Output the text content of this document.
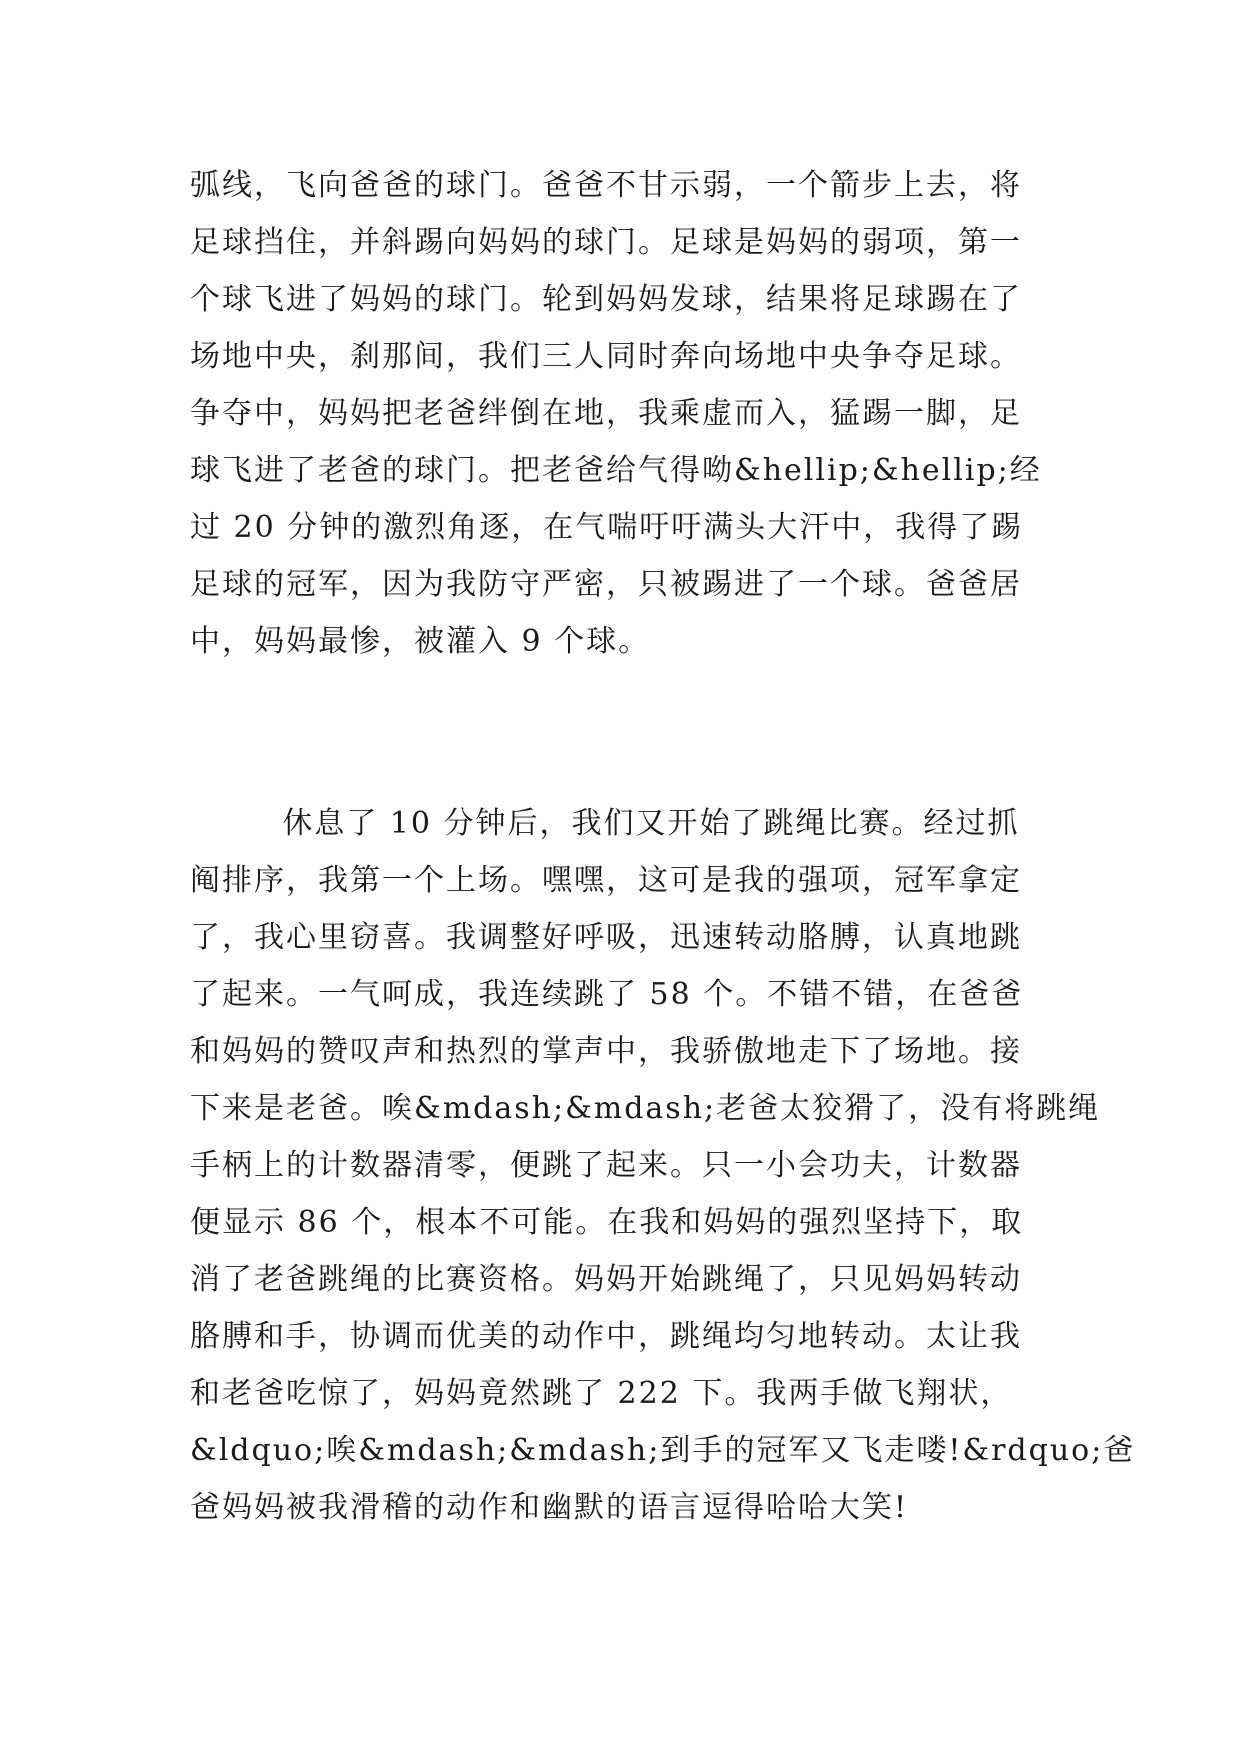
弧线，飞向爸爸的球门。爸爸不甘示弱，一个箭步上去，将
足球挡住，并斜踢向妈妈的球门。足球是妈妈的弱项，第一
个球飞进了妈妈的球门。轮到妈妈发球，结果将足球踢在了
场地中央，刹那间，我们三人同时奔向场地中央争夺足球。
争夺中，妈妈把老爸绊倒在地，我乘虚而入，猛踢一脚，足
球飞进了老爸的球门。把老爸给气得呦&hellip;&hellip;经
过 20 分钟的激烈角逐，在气喘吁吁满头大汗中，我得了踢
足球的冠军，因为我防守严密，只被踢进了一个球。爸爸居
中，妈妈最惨，被灌入 9 个球。
休息了 10 分钟后，我们又开始了跳绳比赛。经过抓
阄排序，我第一个上场。嘿嘿，这可是我的强项，冠军拿定
了，我心里窃喜。我调整好呼吸，迅速转动胳膊，认真地跳
了起来。一气呵成，我连续跳了 58 个。不错不错，在爸爸
和妈妈的赞叹声和热烈的掌声中，我骄傲地走下了场地。接
下来是老爸。唉&mdash;&mdash;老爸太狡猾了，没有将跳绳
手柄上的计数器清零，便跳了起来。只一小会功夫，计数器
便显示 86 个，根本不可能。在我和妈妈的强烈坚持下，取
消了老爸跳绳的比赛资格。妈妈开始跳绳了，只见妈妈转动
胳膊和手，协调而优美的动作中，跳绳均匀地转动。太让我
和老爸吃惊了，妈妈竟然跳了 222 下。我两手做飞翔状，
&ldquo;唉&mdash;&mdash;到手的冠军又飞走喽!&rdquo;爸
爸妈妈被我滑稽的动作和幽默的语言逗得哈哈大笑!
